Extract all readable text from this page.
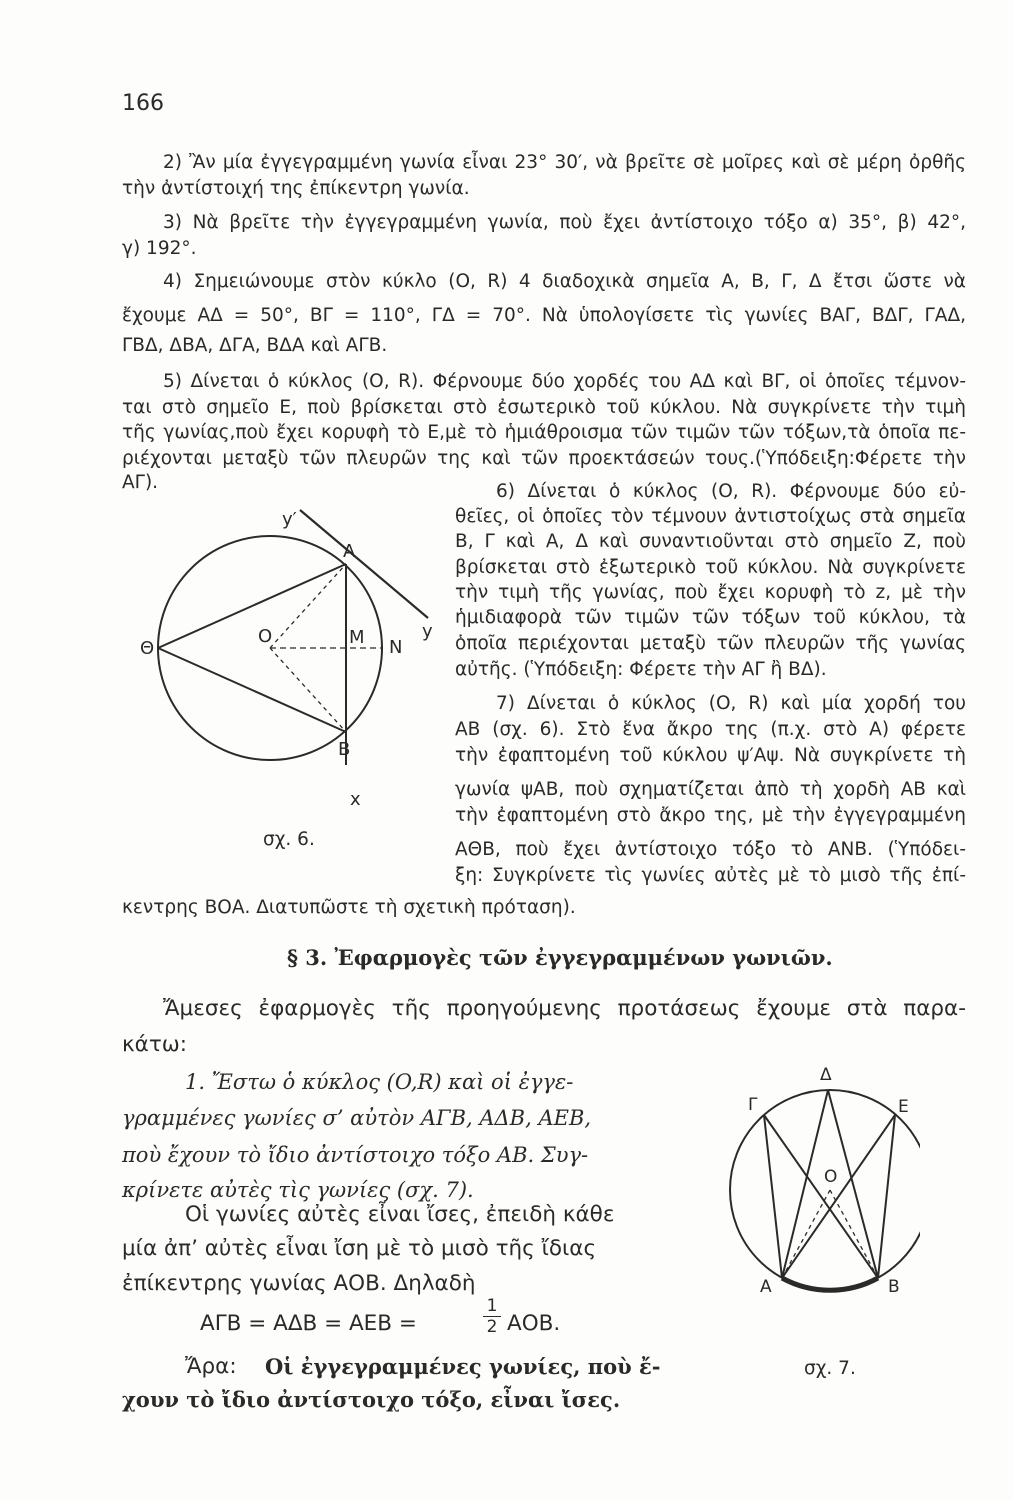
166
2) Ἂν μία ἐγγεγραμμένη γωνία εἶναι 23° 30′, νὰ βρεῖτε σὲ μοῖρες καὶ σὲ μέρη ὀρθῆς
τὴν ἀντίστοιχή της ἐπίκεντρη γωνία.
3) Νὰ βρεῖτε τὴν ἐγγεγραμμένη γωνία, ποὺ ἔχει ἀντίστοιχο τόξο α) 35°, β) 42°,
γ) 192°.
4) Σημειώνουμε στὸν κύκλο (O, R) 4 διαδοχικὰ σημεῖα Α, Β, Γ, Δ ἔτσι ὥστε νὰ
ἔχουμε ΑΔ = 50°, ΒΓ = 110°, ΓΔ = 70°. Νὰ ὑπολογίσετε τὶς γωνίες ΒΑΓ, ΒΔΓ, ΓΑΔ,
ΓΒΔ, ΔΒΑ, ΔΓΑ, ΒΔΑ καὶ ΑΓΒ.
5) Δίνεται ὁ κύκλος (O, R). Φέρνουμε δύο χορδές του ΑΔ καὶ ΒΓ, οἱ ὁποῖες τέμνον-
ται στὸ σημεῖο Ε, ποὺ βρίσκεται στὸ ἐσωτερικὸ τοῦ κύκλου. Νὰ συγκρίνετε τὴν τιμὴ
τῆς γωνίας,ποὺ ἔχει κορυφὴ τὸ Ε,μὲ τὸ ἡμιάθροισμα τῶν τιμῶν τῶν τόξων,τὰ ὁποῖα πε-
ριέχονται μεταξὺ τῶν πλευρῶν της καὶ τῶν προεκτάσεών τους.(Ὑπόδειξη:Φέρετε τὴν ΑΓ).	6) Δίνεται ὁ κύκλος (O, R). Φέρνουμε δύο εὐ-
θεῖες, οἱ ὁποῖες τὸν τέμνουν ἀντιστοίχως στὰ σημεῖα
Β, Γ καὶ Α, Δ καὶ συναντιοῦνται στὸ σημεῖο Ζ, ποὺ
βρίσκεται στὸ ἐξωτερικὸ τοῦ κύκλου. Νὰ συγκρίνετε
τὴν τιμὴ τῆς γωνίας, ποὺ ἔχει κορυφὴ τὸ z, μὲ τὴν
ἡμιδιαφορὰ τῶν τιμῶν τῶν τόξων τοῦ κύκλου, τὰ
ὁποῖα περιέχονται μεταξὺ τῶν πλευρῶν τῆς γωνίας
αὐτῆς. (Ὑπόδειξη: Φέρετε τὴν ΑΓ ἢ ΒΔ).
7) Δίνεται ὁ κύκλος (O, R) καὶ μία χορδή του
ΑΒ (σχ. 6). Στὸ ἕνα ἄκρο της (π.χ. στὸ Α) φέρετε
τὴν ἐφαπτομένη τοῦ κύκλου ψ′Αψ. Νὰ συγκρίνετε τὴ
γωνία ψΑΒ, ποὺ σχηματίζεται ἀπὸ τὴ χορδὴ ΑΒ καὶ
τὴν ἐφαπτομένη στὸ ἄκρο της, μὲ τὴν ἐγγεγραμμένη
ΑΘΒ, ποὺ ἔχει ἀντίστοιχο τόξο τὸ ΑΝΒ. (Ὑπόδει-
ξη: Συγκρίνετε τὶς γωνίες αὐτὲς μὲ τὸ μισὸ τῆς ἐπί-
κεντρης ΒΟΑ. Διατυπῶστε τὴ σχετικὴ πρόταση).
y′
Α
y
Θ
O	M N
B
x
σχ. 6.
§ 3. Ἐφαρμογὲς τῶν ἐγγεγραμμένων γωνιῶν.
Ἄμεσες ἐφαρμογὲς τῆς προηγούμενης προτάσεως ἔχουμε στὰ παρα-
κάτω:
1. Ἔστω ὁ κύκλος (O,R) καὶ οἱ ἐγγε-
γραμμένες γωνίες σ’ αὐτὸν ΑΓΒ, ΑΔΒ, ΑΕΒ,
ποὺ ἔχουν τὸ ἴδιο ἀντίστοιχο τόξο ΑΒ. Συγ-
κρίνετε αὐτὲς τὶς γωνίες (σχ. 7).
Οἱ γωνίες αὐτὲς εἶναι ἴσες, ἐπειδὴ κάθε
μία ἀπ’ αὐτὲς εἶναι ἴση μὲ τὸ μισὸ τῆς ἴδιας
ἐπίκεντρης γωνίας ΑΟΒ. Δηλαδὴ
ΑΓΒ = ΑΔΒ = ΑΕΒ =	$\frac{1}{2} AOB$.
Ἄρα: Οἱ ἐγγεγραμμένες γωνίες, ποὺ ἔ-
χουν τὸ ἴδιο ἀντίστοιχο τόξο, εἶναι ἴσες.
Δ
Γ	Ε
O
Α	Β
σχ. 7.
